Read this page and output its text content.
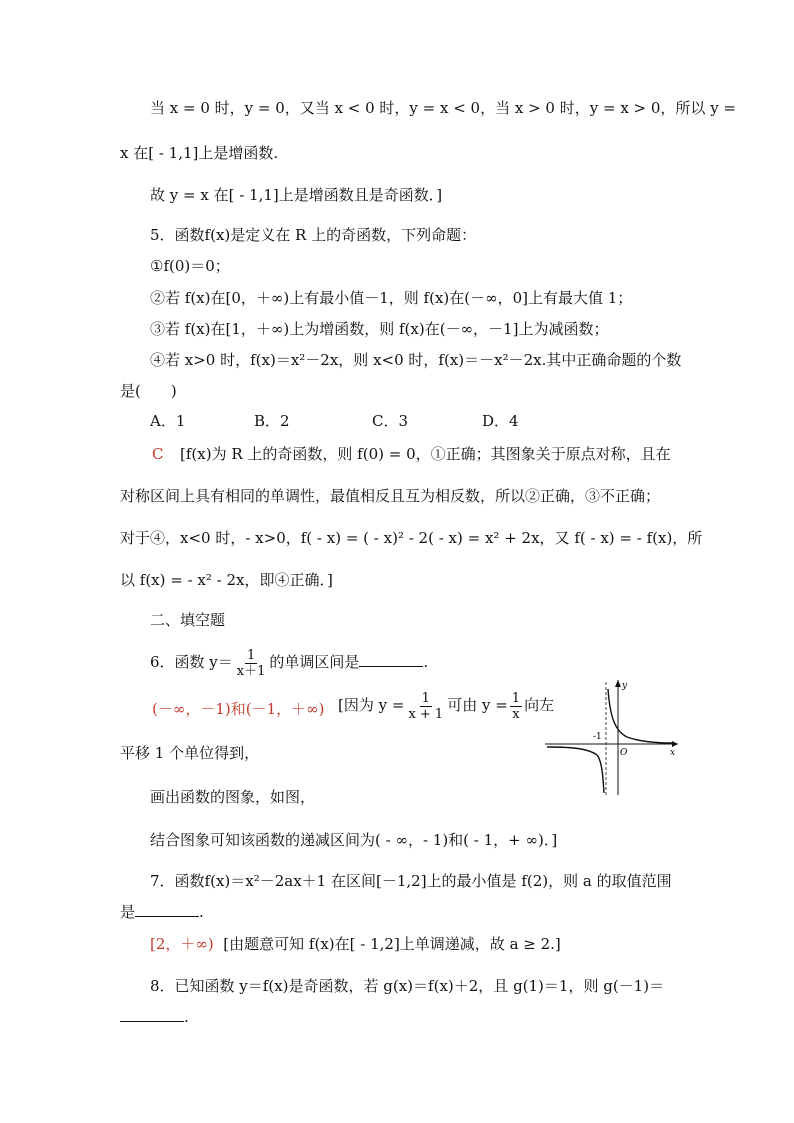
当 x = 0 时，y = 0，又当 x < 0 时，y = x < 0，当 x > 0 时，y = x > 0，所以 y =
x 在[ - 1,1]上是增函数.
故 y = x 在[ - 1,1]上是增函数且是奇函数．]
5．函数f(x)是定义在 R 上的奇函数，下列命题：
①f(0)＝0；
②若 f(x)在[0，＋∞)上有最小值－1，则 f(x)在(－∞，0]上有最大值 1；
③若 f(x)在[1，＋∞)上为增函数，则 f(x)在(－∞，－1]上为减函数；
④若 x>0 时，f(x)＝x²－2x，则 x<0 时，f(x)＝－x²－2x.其中正确命题的个数
是(　　)
A．1	B．2	C．3	D．4
C [f(x)为 R 上的奇函数，则 f(0) = 0，①正确；其图象关于原点对称，且在
对称区间上具有相同的单调性，最值相反且互为相反数，所以②正确，③不正确；
对于④，x<0 时，- x>0，f( - x) = ( - x)² - 2( - x) = x² + 2x，又 f( - x) = - f(x)，所
以 f(x) = - x² - 2x，即④正确．]
二、填空题
6．函数 $y= \frac{1}{x+1}$ 的单调区间是	.
(－∞，－1)和(－1，＋∞) [因为 $y = \frac{1}{x + 1}$ 可由 $y = \frac{1}{x}$ 向左
y
x
O
-1
平移 1 个单位得到，
画出函数的图象，如图，
结合图象可知该函数的递减区间为( - ∞，- 1)和( - 1，+ ∞)．]
7．函数f(x)＝x²－2ax＋1 在区间[－1,2]上的最小值是 f(2)，则 a 的取值范围
是	.
[2，＋∞) [由题意可知 f(x)在[ - 1,2]上单调递减，故 a ≥ 2.]
8．已知函数 y＝f(x)是奇函数，若 g(x)＝f(x)＋2，且 g(1)＝1，则 g(－1)＝
.
